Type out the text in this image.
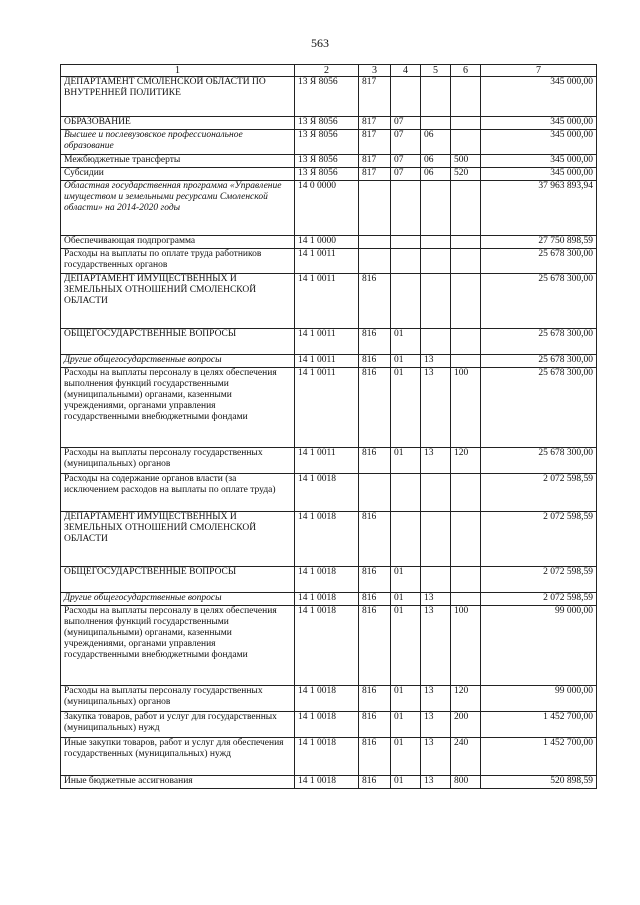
563
1	2	3	4	5	6	7
ДЕПАРТАМЕНТ СМОЛЕНСКОЙ ОБЛАСТИ ПО ВНУТРЕННЕЙ ПОЛИТИКЕ	13 Я 8056	817				345 000,00
ОБРАЗОВАНИЕ	13 Я 8056	817	07			345 000,00
Высшее и послевузовское профессиональное образование	13 Я 8056	817	07	06		345 000,00
Межбюджетные трансферты	13 Я 8056	817	07	06	500	345 000,00
Субсидии	13 Я 8056	817	07	06	520	345 000,00
Областная государственная программа «Управление имуществом и земельными ресурсами Смоленской области» на 2014-2020 годы	14 0 0000					37 963 893,94
Обеспечивающая подпрограмма	14 1 0000					27 750 898,59
Расходы на выплаты по оплате труда работников государственных органов	14 1 0011					25 678 300,00
ДЕПАРТАМЕНТ ИМУЩЕСТВЕННЫХ И ЗЕМЕЛЬНЫХ ОТНОШЕНИЙ СМОЛЕНСКОЙ ОБЛАСТИ	14 1 0011	816				25 678 300,00
ОБЩЕГОСУДАРСТВЕННЫЕ ВОПРОСЫ	14 1 0011	816	01			25 678 300,00
Другие общегосударственные вопросы	14 1 0011	816	01	13		25 678 300,00
Расходы на выплаты персоналу в целях обеспечения выполнения функций государственными (муниципальными) органами, казенными учреждениями, органами управления государственными внебюджетными фондами	14 1 0011	816	01	13	100	25 678 300,00
Расходы на выплаты персоналу государственных (муниципальных) органов	14 1 0011	816	01	13	120	25 678 300,00
Расходы на содержание органов власти (за исключением расходов на выплаты по оплате труда)	14 1 0018					2 072 598,59
ДЕПАРТАМЕНТ ИМУЩЕСТВЕННЫХ И ЗЕМЕЛЬНЫХ ОТНОШЕНИЙ СМОЛЕНСКОЙ ОБЛАСТИ	14 1 0018	816				2 072 598,59
ОБЩЕГОСУДАРСТВЕННЫЕ ВОПРОСЫ	14 1 0018	816	01			2 072 598,59
Другие общегосударственные вопросы	14 1 0018	816	01	13		2 072 598,59
Расходы на выплаты персоналу в целях обеспечения выполнения функций государственными (муниципальными) органами, казенными учреждениями, органами управления государственными внебюджетными фондами	14 1 0018	816	01	13	100	99 000,00
Расходы на выплаты персоналу государственных (муниципальных) органов	14 1 0018	816	01	13	120	99 000,00
Закупка товаров, работ и услуг для государственных (муниципальных) нужд	14 1 0018	816	01	13	200	1 452 700,00
Иные закупки товаров, работ и услуг для обеспечения государственных (муниципальных) нужд	14 1 0018	816	01	13	240	1 452 700,00
Иные бюджетные ассигнования	14 1 0018	816	01	13	800	520 898,59
